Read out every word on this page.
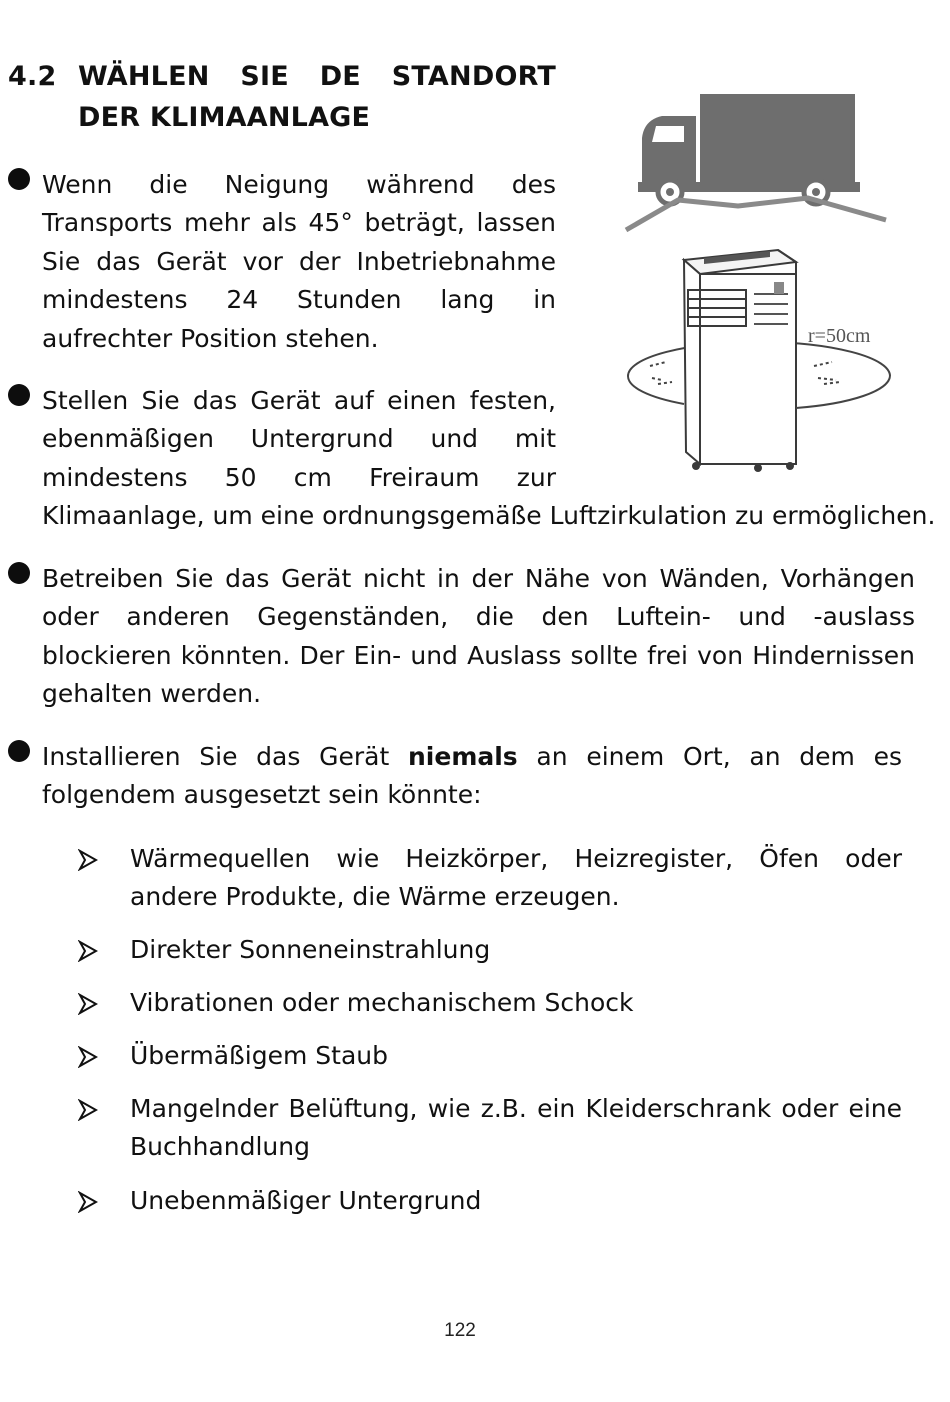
4.2 WÄHLEN SIE DE STANDORT
DER KLIMAANLAGE
Wenn die Neigung während des Transports mehr als 45° beträgt, lassen Sie das Gerät vor der Inbetriebnahme mindestens 24 Stunden lang in aufrechter Position stehen.
Stellen Sie das Gerät auf einen festen, ebenmäßigen Untergrund und mit mindestens 50 cm Freiraum zur
Klimaanlage, um eine ordnungsgemäße Luftzirkulation zu ermöglichen.
Betreiben Sie das Gerät nicht in der Nähe von Wänden, Vorhängen oder anderen Gegenständen, die den Luftein- und -auslass blockieren könnten. Der Ein- und Auslass sollte frei von Hindernissen gehalten werden.
Installieren Sie das Gerät niemals an einem Ort, an dem es folgendem ausgesetzt sein könnte:
Wärmequellen wie Heizkörper, Heizregister, Öfen oder andere Produkte, die Wärme erzeugen.
Direkter Sonneneinstrahlung
Vibrationen oder mechanischem Schock
Übermäßigem Staub
Mangelnder Belüftung, wie z.B. ein Kleiderschrank oder eine Buchhandlung
Unebenmäßiger Untergrund
r=50cm
122
